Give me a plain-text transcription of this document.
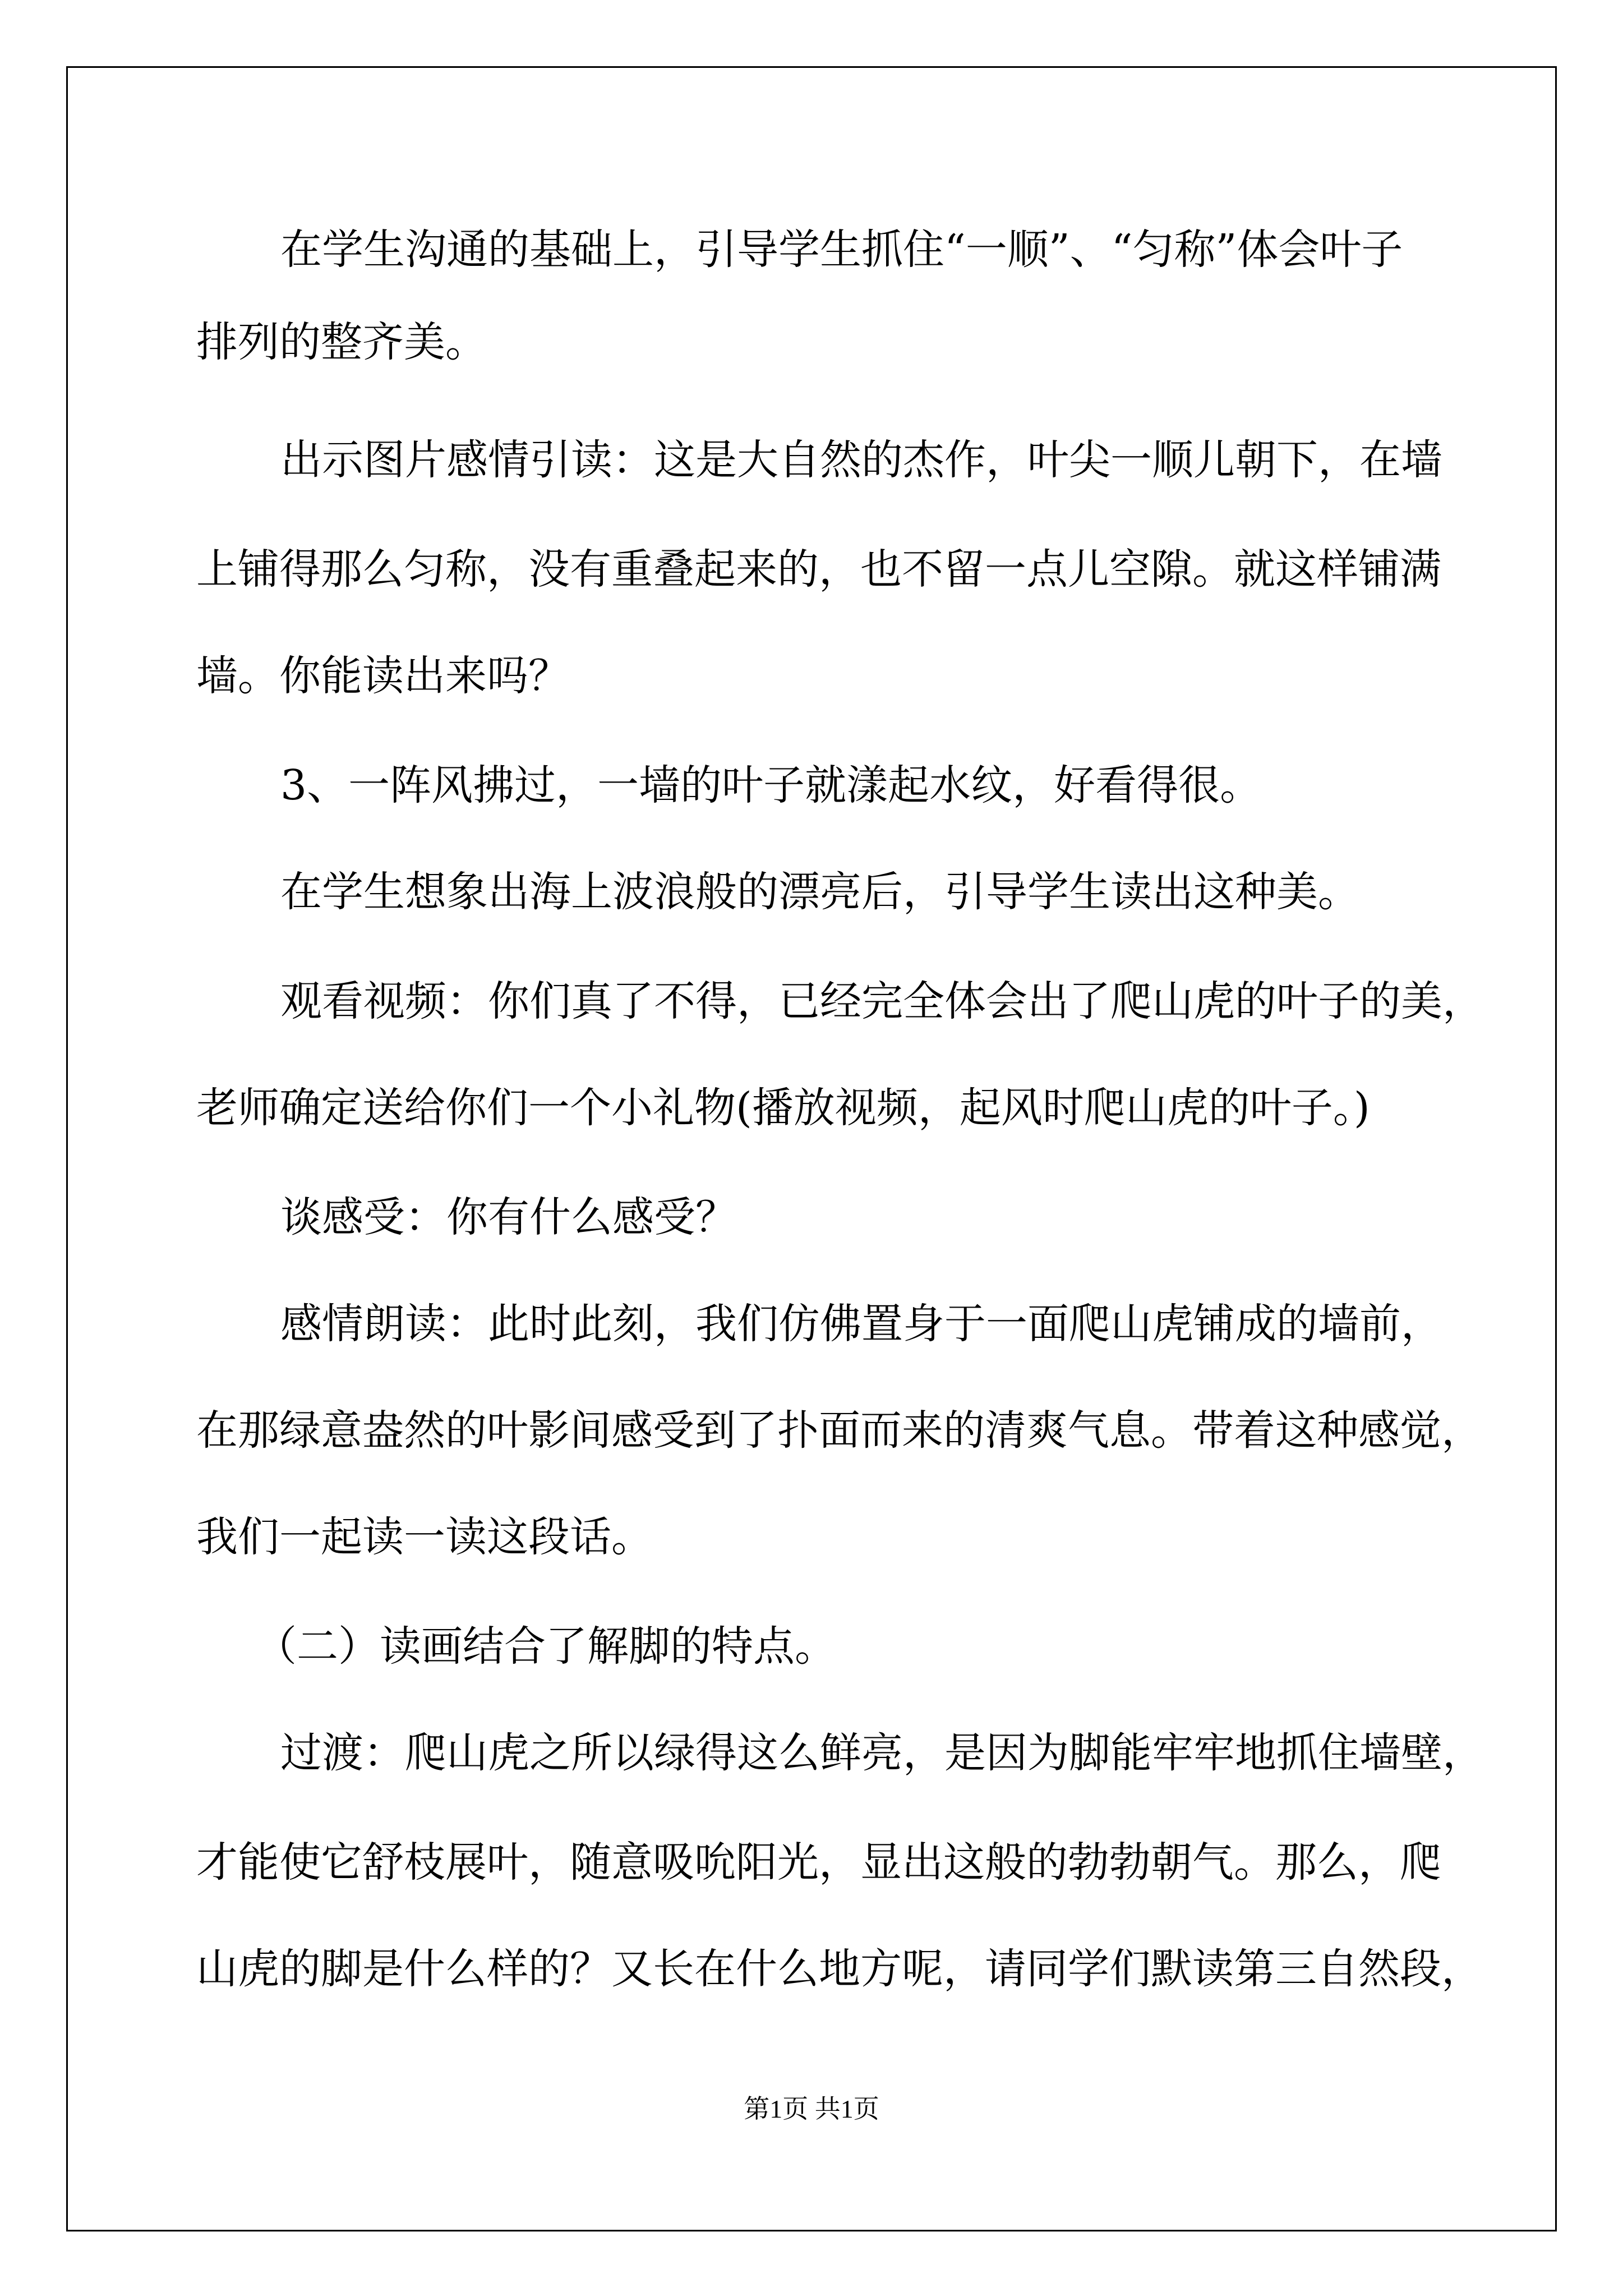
在学生沟通的基础上，引导学生抓住“一顺”、“匀称”体会叶子

排列的整齐美。

出示图片感情引读：这是大自然的杰作，叶尖一顺儿朝下，在墙

上铺得那么匀称，没有重叠起来的，也不留一点儿空隙。就这样铺满

墙。你能读出来吗？

3、一阵风拂过，一墙的叶子就漾起水纹，好看得很。

在学生想象出海上波浪般的漂亮后，引导学生读出这种美。

观看视频：你们真了不得，已经完全体会出了爬山虎的叶子的美，

老师确定送给你们一个小礼物(播放视频，起风时爬山虎的叶子。)

谈感受：你有什么感受？

感情朗读：此时此刻，我们仿佛置身于一面爬山虎铺成的墙前，

在那绿意盎然的叶影间感受到了扑面而来的清爽气息。带着这种感觉，

我们一起读一读这段话。

（二）读画结合了解脚的特点。

过渡：爬山虎之所以绿得这么鲜亮，是因为脚能牢牢地抓住墙壁，

才能使它舒枝展叶，随意吸吮阳光，显出这般的勃勃朝气。那么，爬

山虎的脚是什么样的？又长在什么地方呢，请同学们默读第三自然段，

第1页 共1页
